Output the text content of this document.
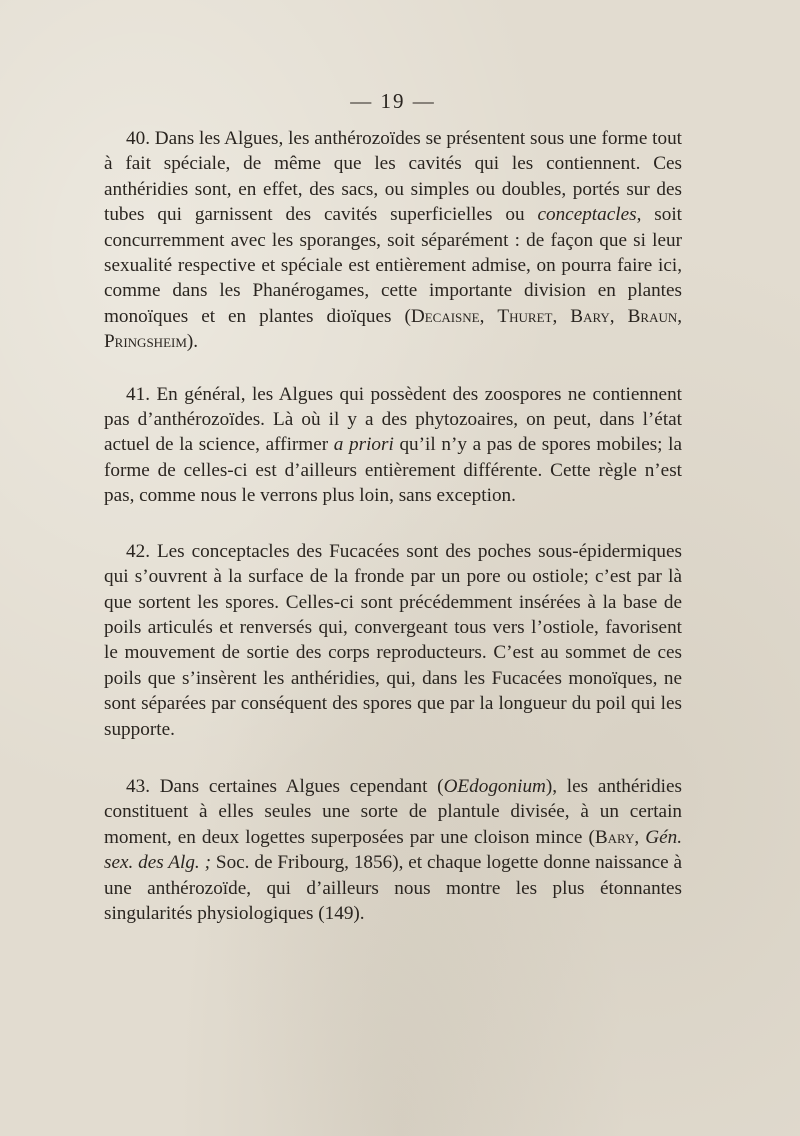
— 19 —

40. Dans les Algues, les anthérozoïdes se présentent sous une forme tout à fait spéciale, de même que les cavités qui les contiennent. Ces anthéridies sont, en effet, des sacs, ou simples ou doubles, portés sur des tubes qui garnissent des cavités superficielles ou conceptacles, soit concurremment avec les sporanges, soit séparément : de façon que si leur sexualité respective et spéciale est entièrement admise, on pourra faire ici, comme dans les Phanérogames, cette importante division en plantes monoïques et en plantes dioïques (Decaisne, Thuret, Bary, Braun, Pringsheim).

41. En général, les Algues qui possèdent des zoospores ne contiennent pas d’anthérozoïdes. Là où il y a des phytozoaires, on peut, dans l’état actuel de la science, affirmer a priori qu’il n’y a pas de spores mobiles; la forme de celles-ci est d’ailleurs entièrement différente. Cette règle n’est pas, comme nous le verrons plus loin, sans exception.

42. Les conceptacles des Fucacées sont des poches sous-épidermiques qui s’ouvrent à la surface de la fronde par un pore ou ostiole; c’est par là que sortent les spores. Celles-ci sont précédemment insérées à la base de poils articulés et renversés qui, convergeant tous vers l’ostiole, favorisent le mouvement de sortie des corps reproducteurs. C’est au sommet de ces poils que s’insèrent les anthéridies, qui, dans les Fucacées monoïques, ne sont séparées par conséquent des spores que par la longueur du poil qui les supporte.

43. Dans certaines Algues cependant (OEdogonium), les anthéridies constituent à elles seules une sorte de plantule divisée, à un certain moment, en deux logettes superposées par une cloison mince (Bary, Gén. sex. des Alg. ; Soc. de Fribourg, 1856), et chaque logette donne naissance à une anthérozoïde, qui d’ailleurs nous montre les plus étonnantes singularités physiologiques (149).
